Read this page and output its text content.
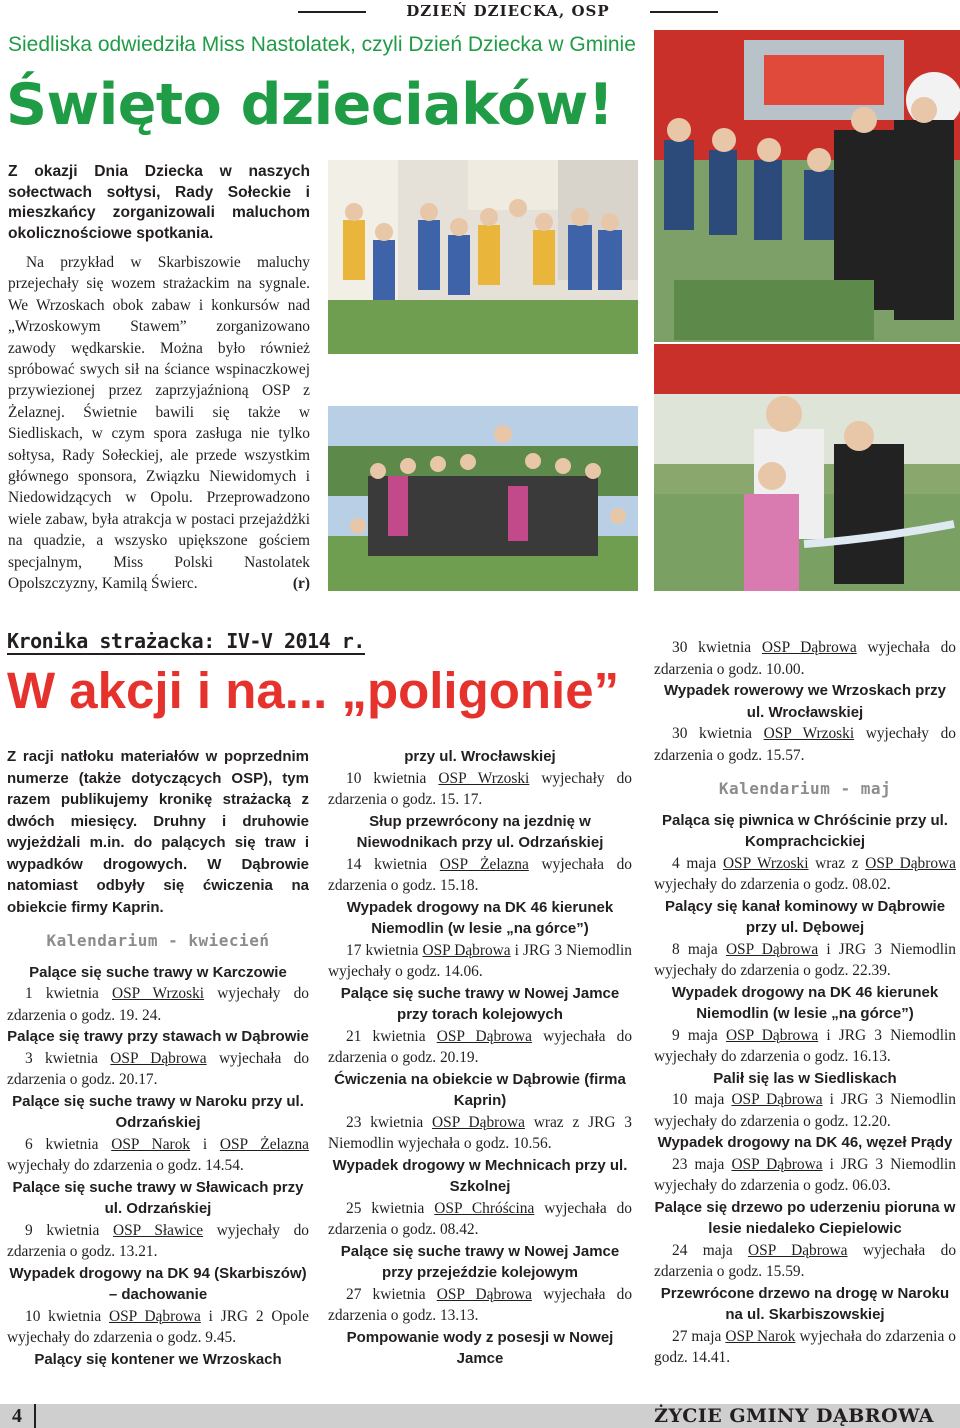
DZIEŃ DZIECKA, OSP
Siedliska odwiedziła Miss Nastolatek, czyli Dzień Dziecka w Gminie
Święto dzieciaków!
Z okazji Dnia Dziecka w naszych sołectwach sołtysi, Rady Sołeckie i mieszkańcy zorganizowali maluchom okolicznościowe spotkania.
Na przykład w Skarbiszowie maluchy przejechały się wozem strażackim na sygnale. We Wrzoskach obok zabaw i konkursów nad „Wrzoskowym Stawem” zorganizowano zawody wędkarskie. Można było również spróbować swych sił na ściance wspinaczkowej przywiezionej przez zaprzyjaźnioną OSP z Żelaznej. Świetnie bawili się także w Siedliskach, w czym spora zasługa nie tylko sołtysa, Rady Sołeckiej, ale przede wszystkim głównego sponsora, Związku Niewidomych i Niedowidzących w Opolu. Przeprowadzono wiele zabaw, była atrakcja w postaci przejażdżki na quadzie, a wszysko upiększone gościem specjalnym, Miss Polski Nastolatek Opolszczyzny, Kamilą Świerc.	(r)
Kronika strażacka: IV-V 2014 r.
W akcji i na... „poligonie”
Z racji natłoku materiałów w poprzednim numerze (także dotyczących OSP), tym razem publikujemy kronikę strażacką z dwóch miesięcy. Druhny i druhowie wyjeżdżali m.in. do palących się traw i wypadków drogowych. W Dąbrowie natomiast odbyły się ćwiczenia na obiekcie firmy Kaprin.
Kalendarium - kwiecień
Palące się suche trawy w Karczowie
1 kwietnia OSP Wrzoski wyjechały do zdarzenia o godz. 19. 24.
Palące się trawy przy stawach w Dąbrowie
3 kwietnia OSP Dąbrowa wyjechała do zdarzenia o godz. 20.17.
Palące się suche trawy w Naroku przy ul. Odrzańskiej
6 kwietnia OSP Narok i OSP Żelazna wyjechały do zdarzenia o godz. 14.54.
Palące się suche trawy w Sławicach przy ul. Odrzańskiej
9 kwietnia OSP Sławice wyjechały do zdarzenia o godz. 13.21.
Wypadek drogowy na DK 94 (Skarbiszów) – dachowanie
10 kwietnia OSP Dąbrowa i JRG 2 Opole wyjechały do zdarzenia o godz. 9.45.
Palący się kontener we Wrzoskach
przy ul. Wrocławskiej
10 kwietnia OSP Wrzoski wyjechały do zdarzenia o godz. 15. 17.
Słup przewrócony na jezdnię w Niewodnikach przy ul. Odrzańskiej
14 kwietnia OSP Żelazna wyjechała do zdarzenia o godz. 15.18.
Wypadek drogowy na DK 46 kierunek Niemodlin (w lesie „na górce”)
17 kwietnia OSP Dąbrowa i JRG 3 Niemodlin wyjechały o godz. 14.06.
Palące się suche trawy w Nowej Jamce przy torach kolejowych
21 kwietnia OSP Dąbrowa wyjechała do zdarzenia o godz. 20.19.
Ćwiczenia na obiekcie w Dąbrowie (firma Kaprin)
23 kwietnia OSP Dąbrowa wraz z JRG 3 Niemodlin wyjechała o godz. 10.56.
Wypadek drogowy w Mechnicach przy ul. Szkolnej
25 kwietnia OSP Chróścina wyjechała do zdarzenia o godz. 08.42.
Palące się suche trawy w Nowej Jamce przy przejeździe kolejowym
27 kwietnia OSP Dąbrowa wyjechała do zdarzenia o godz. 13.13.
Pompowanie wody z posesji w Nowej Jamce
30 kwietnia OSP Dąbrowa wyjechała do zdarzenia o godz. 10.00.
Wypadek rowerowy we Wrzoskach przy ul. Wrocławskiej
30 kwietnia OSP Wrzoski wyjechały do zdarzenia o godz. 15.57.
Kalendarium - maj
Paląca się piwnica w Chróścinie przy ul. Komprachcickiej
4 maja OSP Wrzoski wraz z OSP Dąbrowa wyjechały do zdarzenia o godz. 08.02.
Palący się kanał kominowy w Dąbrowie przy ul. Dębowej
8 maja OSP Dąbrowa i JRG 3 Niemodlin wyjechały do zdarzenia o godz. 22.39.
Wypadek drogowy na DK 46 kierunek Niemodlin (w lesie „na górce”)
9 maja OSP Dąbrowa i JRG 3 Niemodlin wyjechały do zdarzenia o godz. 16.13.
Palił się las w Siedliskach
10 maja OSP Dąbrowa i JRG 3 Niemodlin wyjechały do zdarzenia o godz. 12.20.
Wypadek drogowy na DK 46, węzeł Prądy
23 maja OSP Dąbrowa i JRG 3 Niemodlin wyjechały do zdarzenia o godz. 06.03.
Palące się drzewo po uderzeniu pioruna w lesie niedaleko Ciepielowic
24 maja OSP Dąbrowa wyjechała do zdarzenia o godz. 15.59.
Przewrócone drzewo na drogę w Naroku na ul. Skarbiszowskiej
27 maja OSP Narok wyjechała do zdarzenia o godz. 14.41.
4	ŻYCIE GMINY DĄBROWA
